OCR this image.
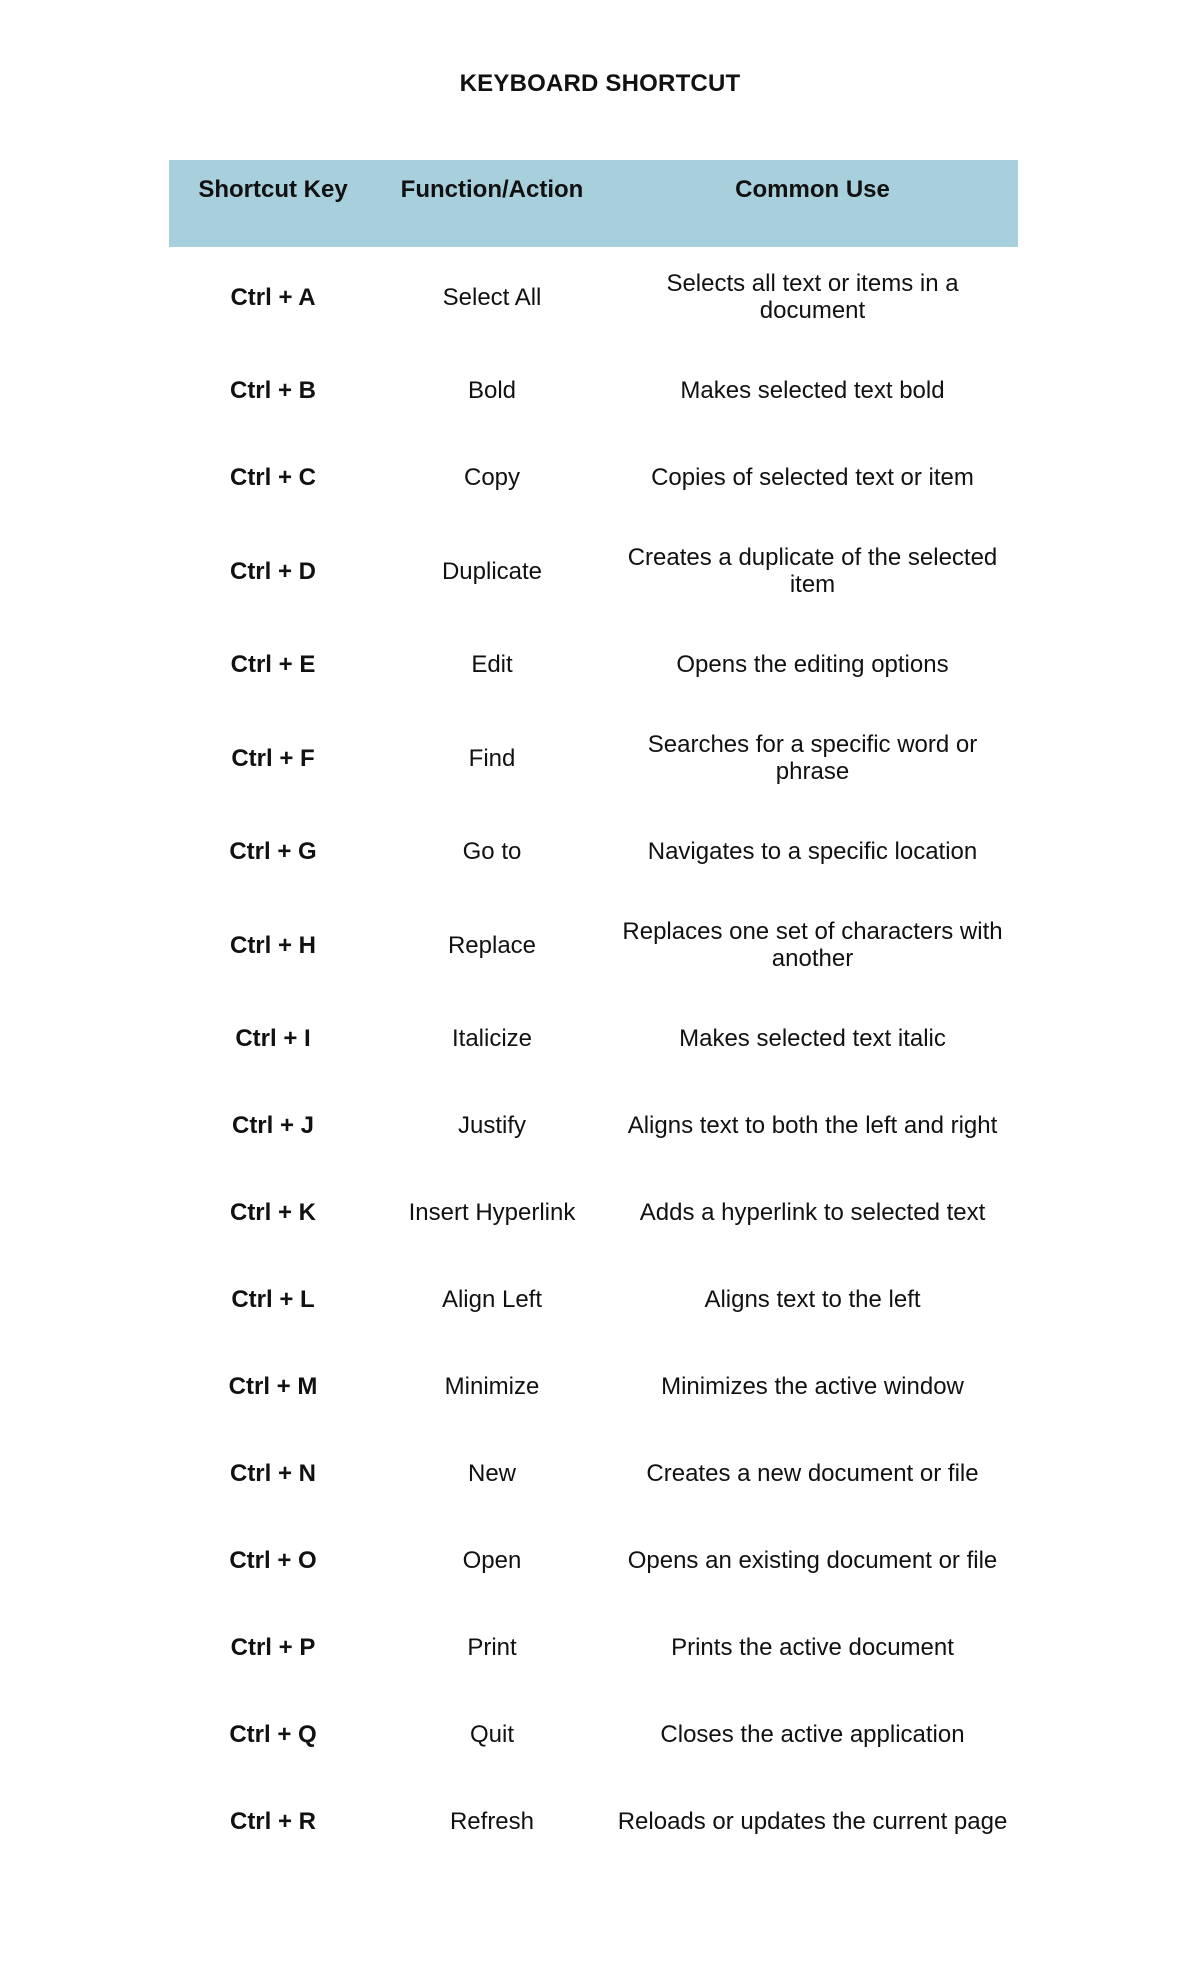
KEYBOARD SHORTCUT
Shortcut Key	Function/Action	Common Use
Ctrl + A	Select All	Selects all text or items in a document
Ctrl + B	Bold	Makes selected text bold
Ctrl + C	Copy	Copies of selected text or item
Ctrl + D	Duplicate	Creates a duplicate of the selected item
Ctrl + E	Edit	Opens the editing options
Ctrl + F	Find	Searches for a specific word or phrase
Ctrl + G	Go to	Navigates to a specific location
Ctrl + H	Replace	Replaces one set of characters with another
Ctrl + I	Italicize	Makes selected text italic
Ctrl + J	Justify	Aligns text to both the left and right
Ctrl + K	Insert Hyperlink	Adds a hyperlink to selected text
Ctrl + L	Align Left	Aligns text to the left
Ctrl + M	Minimize	Minimizes the active window
Ctrl + N	New	Creates a new document or file
Ctrl + O	Open	Opens an existing document or file
Ctrl + P	Print	Prints the active document
Ctrl + Q	Quit	Closes the active application
Ctrl + R	Refresh	Reloads or updates the current page
